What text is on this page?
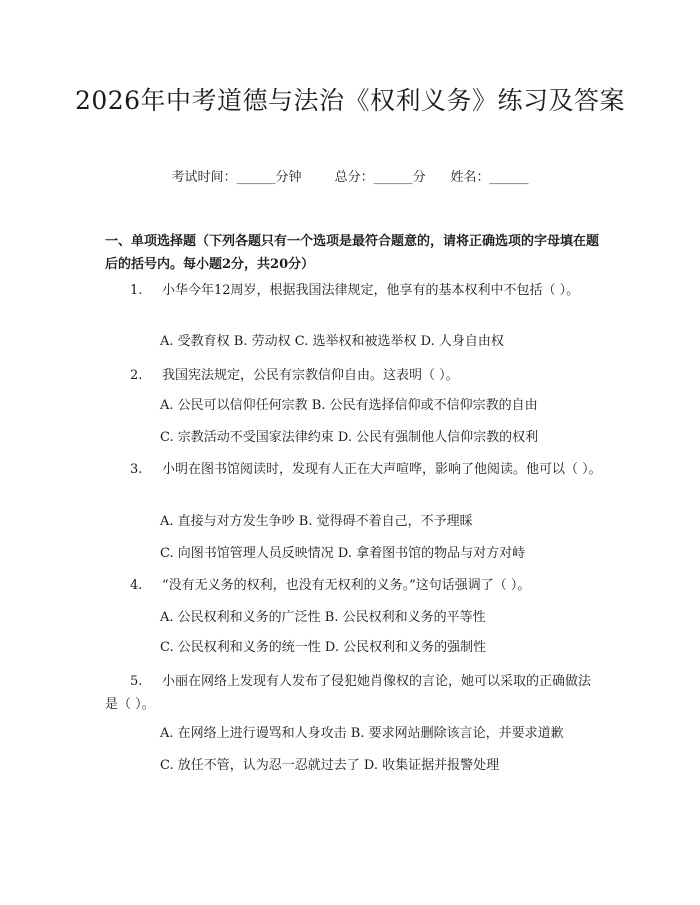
2026年中考道德与法治《权利义务》练习及答案
考试时间：______分钟	总分：______分 姓名：______
一、单项选择题（下列各题只有一个选项是最符合题意的，请将正确选项的字母填在题后的括号内。每小题2分，共20分）
1. 小华今年12周岁，根据我国法律规定，他享有的基本权利中不包括（ ）。
A. 受教育权 B. 劳动权 C. 选举权和被选举权 D. 人身自由权
2. 我国宪法规定，公民有宗教信仰自由。这表明（ ）。
A. 公民可以信仰任何宗教 B. 公民有选择信仰或不信仰宗教的自由
C. 宗教活动不受国家法律约束 D. 公民有强制他人信仰宗教的权利
3. 小明在图书馆阅读时，发现有人正在大声喧哗，影响了他阅读。他可以（ ）。
A. 直接与对方发生争吵 B. 觉得碍不着自己，不予理睬
C. 向图书馆管理人员反映情况 D. 拿着图书馆的物品与对方对峙
4. “没有无义务的权利，也没有无权利的义务。”这句话强调了（ ）。
A. 公民权利和义务的广泛性 B. 公民权利和义务的平等性
C. 公民权利和义务的统一性 D. 公民权利和义务的强制性
5. 小丽在网络上发现有人发布了侵犯她肖像权的言论，她可以采取的正确做法是（ ）。
A. 在网络上进行谩骂和人身攻击 B. 要求网站删除该言论，并要求道歉
C. 放任不管，认为忍一忍就过去了 D. 收集证据并报警处理
